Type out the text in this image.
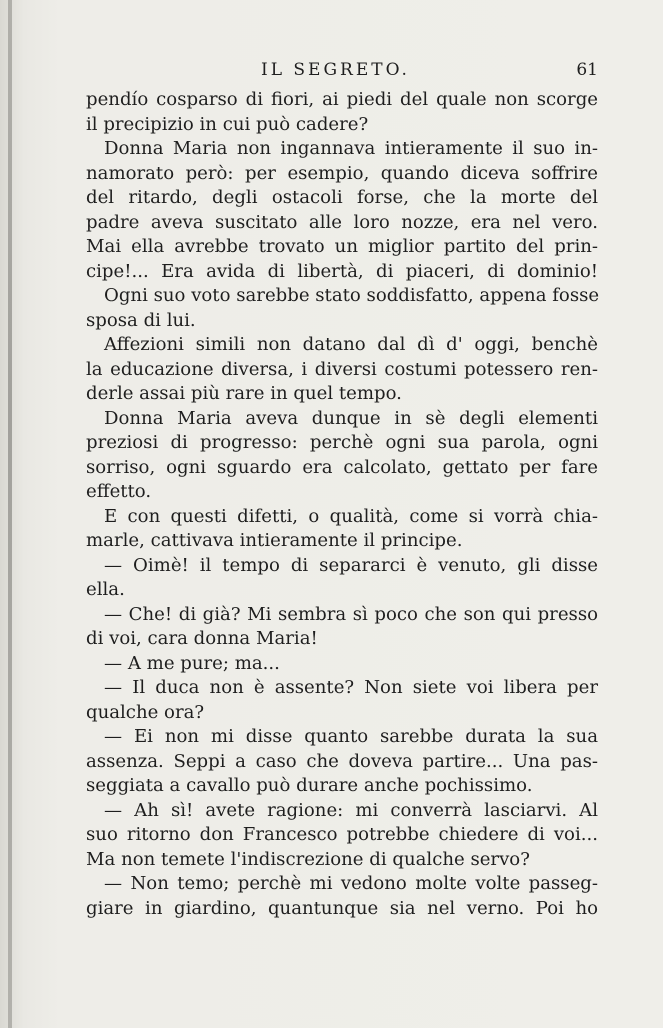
IL SEGRETO.	61
pendío cosparso di fiori, ai piedi del quale non scorge
il precipizio in cui può cadere?
Donna Maria non ingannava intieramente il suo in-
namorato però: per esempio, quando diceva soffrire
del ritardo, degli ostacoli forse, che la morte del
padre aveva suscitato alle loro nozze, era nel vero.
Mai ella avrebbe trovato un miglior partito del prin-
cipe!... Era avida di libertà, di piaceri, di dominio!
Ogni suo voto sarebbe stato soddisfatto, appena fosse
sposa di lui.
Affezioni simili non datano dal dì d' oggi, benchè
la educazione diversa, i diversi costumi potessero ren-
derle assai più rare in quel tempo.
Donna Maria aveva dunque in sè degli elementi
preziosi di progresso: perchè ogni sua parola, ogni
sorriso, ogni sguardo era calcolato, gettato per fare
effetto.
E con questi difetti, o qualità, come si vorrà chia-
marle, cattivava intieramente il principe.
— Oimè! il tempo di separarci è venuto, gli disse
ella.
— Che! di già? Mi sembra sì poco che son qui presso
di voi, cara donna Maria!
— A me pure; ma...
— Il duca non è assente? Non siete voi libera per
qualche ora?
— Ei non mi disse quanto sarebbe durata la sua
assenza. Seppi a caso che doveva partire... Una pas-
seggiata a cavallo può durare anche pochissimo.
— Ah sì! avete ragione: mi converrà lasciarvi. Al
suo ritorno don Francesco potrebbe chiedere di voi...
Ma non temete l'indiscrezione di qualche servo?
— Non temo; perchè mi vedono molte volte passeg-
giare in giardino, quantunque sia nel verno. Poi ho
